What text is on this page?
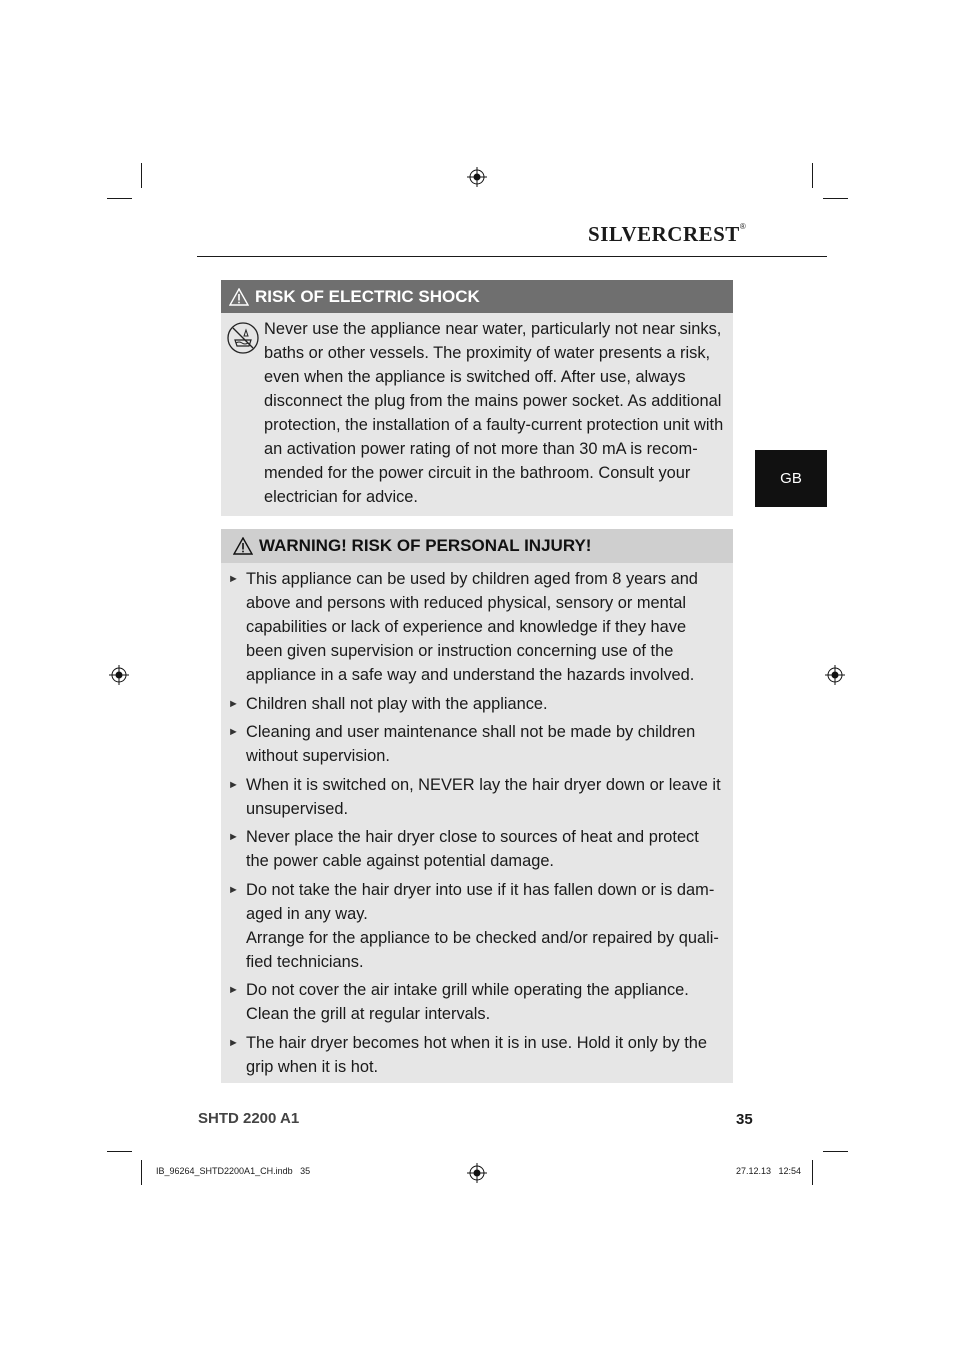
SILVERCREST®
GB
RISK OF ELECTRIC SHOCK
Never use the appliance near water, particularly not near sinks, baths or other vessels. The proximity of water presents a risk, even when the appliance is switched off. After use, always disconnect the plug from the mains power socket. As additional protection, the installation of a faulty-current protection unit with an activation power rating of not more than 30 mA is recom-mended for the power circuit in the bathroom. Consult your electrician for advice.
WARNING! RISK OF PERSONAL INJURY!
► This appliance can be used by children aged from 8 years and above and persons with reduced physical, sensory or mental capabilities or lack of experience and knowledge if they have been given supervision or instruction concerning use of the appliance in a safe way and understand the hazards involved.
► Children shall not play with the appliance.
► Cleaning and user maintenance shall not be made by children without supervision.
► When it is switched on, NEVER lay the hair dryer down or leave it unsupervised.
► Never place the hair dryer close to sources of heat and protect the power cable against potential damage.
► Do not take the hair dryer into use if it has fallen down or is dam-aged in any way.
Arrange for the appliance to be checked and/or repaired by quali-fied technicians.
► Do not cover the air intake grill while operating the appliance. Clean the grill at regular intervals.
► The hair dryer becomes hot when it is in use. Hold it only by the grip when it is hot.
SHTD 2200 A1	35
IB_96264_SHTD2200A1_CH.indb   35	27.12.13   12:54
